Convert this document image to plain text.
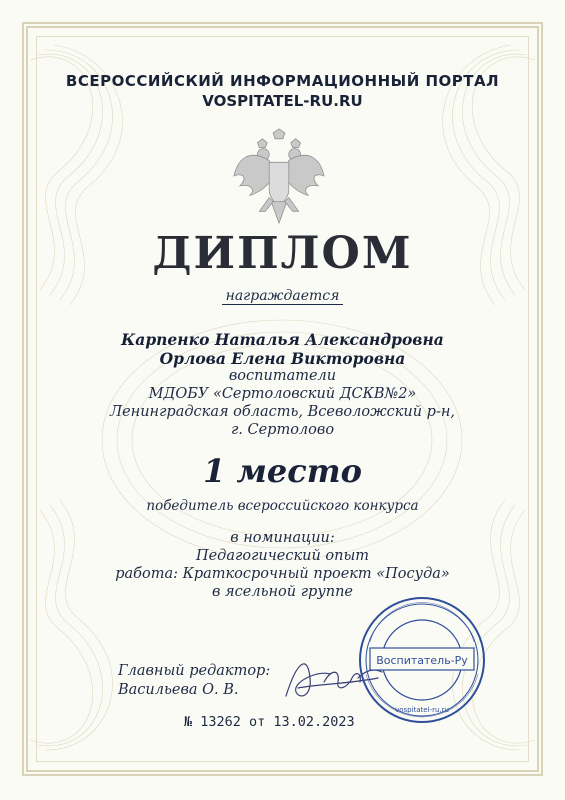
ВСЕРОССИЙСКИЙ ИНФОРМАЦИОННЫЙ ПОРТАЛ
VOSPITATEL-RU.RU
ДИПЛОМ
награждается
Карпенко Наталья Александровна
Орлова Елена Викторовна
воспитатели
МДОБУ «Сертоловский ДСКВ№2»
Ленинградская область, Всеволожский р-н,
г. Сертолово
1 место
победитель всероссийского конкурса
в номинации:
Педагогический опыт
работа: Краткосрочный проект «Посуда»
в ясельной группе
Главный редактор:
Васильева О. В.
Воспитатель-Ру
vospitatel-ru.ru
№ 13262 от 13.02.2023
